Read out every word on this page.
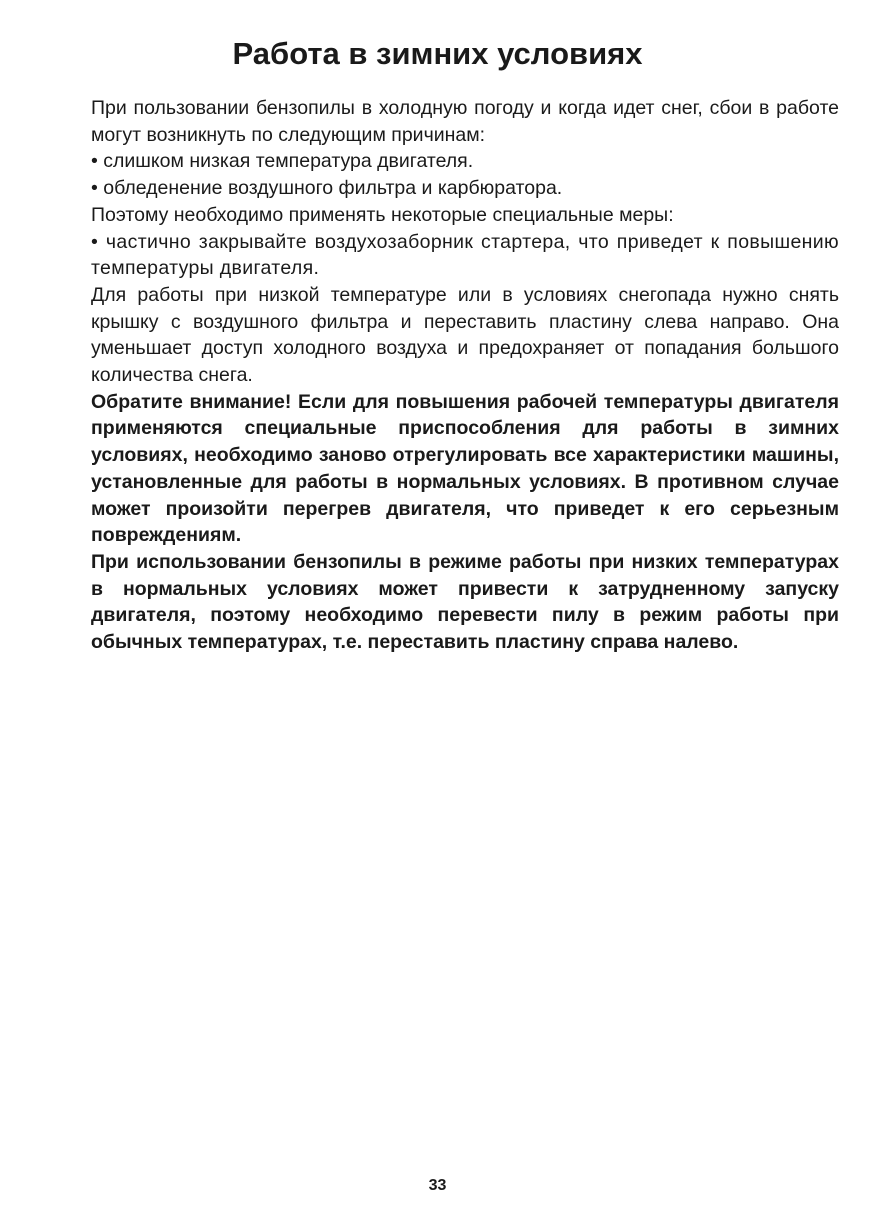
Работа в зимних условиях

При пользовании бензопилы в холодную погоду и когда идет снег, сбои в работе могут возникнуть по следующим причинам:

• слишком низкая температура двигателя.

• обледенение воздушного фильтра и карбюратора.

Поэтому необходимо применять некоторые специальные меры:

• частично закрывайте воздухозаборник стартера, что приведет к повышению температуры двигателя.

Для работы при низкой температуре или в условиях снегопада нужно снять крышку с воздушного фильтра и переставить пластину слева направо. Она уменьшает доступ холодного воздуха и предохраняет от попадания большого количества снега.

Обратите внимание! Если для повышения рабочей температуры двигателя применяются специальные приспособления для работы в зимних условиях, необходимо заново отрегулировать все характеристики машины, установленные для работы в нормальных условиях. В противном случае может произойти перегрев двигателя, что приведет к его серьезным повреждениям.

При использовании бензопилы в режиме работы при низких температурах в нормальных условиях может привести к затрудненному запуску двигателя, поэтому необходимо перевести пилу в режим работы при обычных температурах, т.е. переставить пластину справа налево.

33
